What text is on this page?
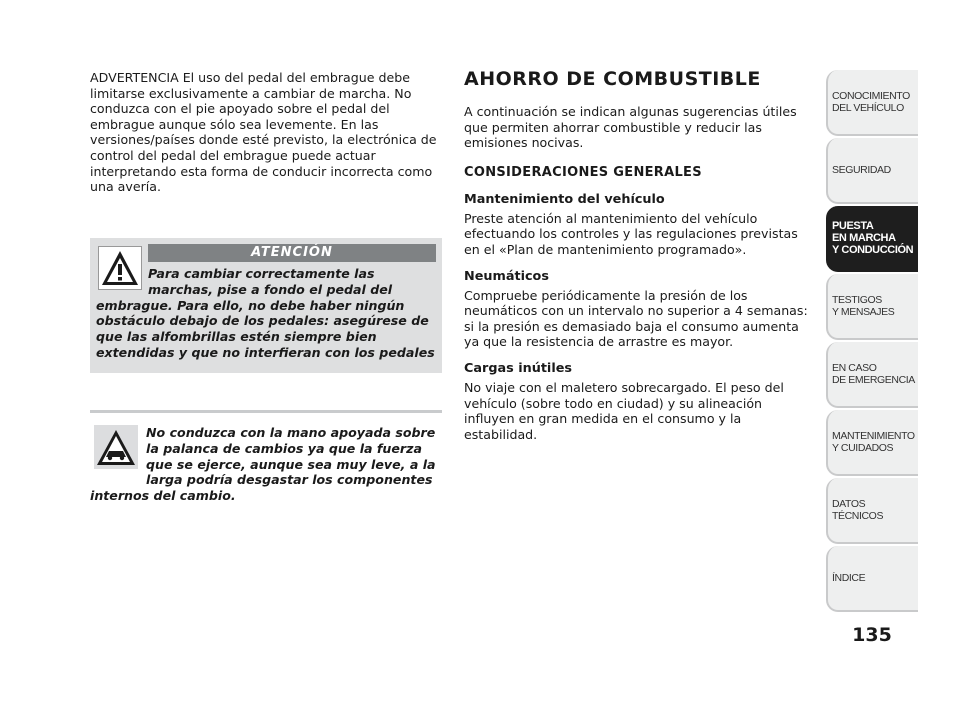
ADVERTENCIA El uso del pedal del embrague debe limitarse exclusivamente a cambiar de marcha. No conduzca con el pie apoyado sobre el pedal del embrague aunque sólo sea levemente. En las versiones/países donde esté previsto, la electrónica de control del pedal del embrague puede actuar interpretando esta forma de conducir incorrecta como una avería.

ATENCIÓN

Para cambiar correctamente las marchas, pise a fondo el pedal del embrague. Para ello, no debe haber ningún obstáculo debajo de los pedales: asegúrese de que las alfombrillas estén siempre bien extendidas y que no interfieran con los pedales

No conduzca con la mano apoyada sobre la palanca de cambios ya que la fuerza que se ejerce, aunque sea muy leve, a la larga podría desgastar los componentes internos del cambio.

AHORRO DE COMBUSTIBLE

A continuación se indican algunas sugerencias útiles que permiten ahorrar combustible y reducir las emisiones nocivas.

CONSIDERACIONES GENERALES
Mantenimiento del vehículo

Preste atención al mantenimiento del vehículo efectuando los controles y las regulaciones previstas en el «Plan de mantenimiento programado».

Neumáticos

Compruebe periódicamente la presión de los neumáticos con un intervalo no superior a 4 semanas: si la presión es demasiado baja el consumo aumenta ya que la resistencia de arrastre es mayor.

Cargas inútiles

No viaje con el maletero sobrecargado. El peso del vehículo (sobre todo en ciudad) y su alineación influyen en gran medida en el consumo y la estabilidad.

CONOCIMIENTO
DEL VEHÍCULO
SEGURIDAD
PUESTA
EN MARCHA
Y CONDUCCIÓN
TESTIGOS
Y MENSAJES
EN CASO
DE EMERGENCIA
MANTENIMIENTO
Y CUIDADOS
DATOS TÉCNICOS
ÍNDICE
135
